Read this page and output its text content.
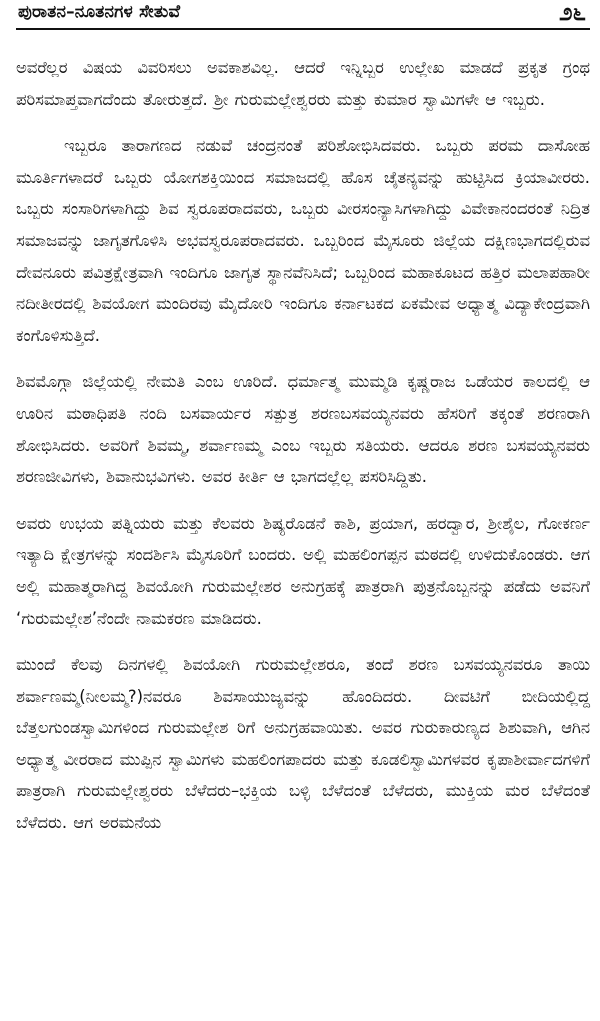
ಪುರಾತನ–ನೂತನಗಳ ಸೇತುವೆ	೨೬

ಅವರೆಲ್ಲರ ವಿಷಯ ವಿವರಿಸಲು ಅವಕಾಶವಿಲ್ಲ. ಆದರೆ ಇನ್ನಿಬ್ಬರ ಉಲ್ಲೇಖ ಮಾಡದೆ ಪ್ರಕೃತ ಗ್ರಂಥ ಪರಿಸಮಾಪ್ತವಾಗದೆಂದು ತೋರುತ್ತದೆ. ಶ್ರೀ ಗುರುಮಲ್ಲೇಶ್ವರರು ಮತ್ತು ಕುಮಾರ ಸ್ವಾಮಿಗಳೇ ಆ ಇಬ್ಬರು.

ಇಬ್ಬರೂ ತಾರಾಗಣದ ನಡುವೆ ಚಂದ್ರನಂತೆ ಪರಿಶೋಭಿಸಿದವರು. ಒಬ್ಬರು ಪರಮ ದಾಸೋಹ ಮೂರ್ತಿಗಳಾದರೆ ಒಬ್ಬರು ಯೋಗಶಕ್ತಿಯಿಂದ ಸಮಾಜದಲ್ಲಿ ಹೊಸ ಚೈತನ್ಯವನ್ನು ಹುಟ್ಟಿಸಿದ ಕ್ರಿಯಾವೀರರು. ಒಬ್ಬರು ಸಂಸಾರಿಗಳಾಗಿದ್ದು ಶಿವ ಸ್ವರೂಪರಾದವರು, ಒಬ್ಬರು ವೀರಸಂನ್ಯಾಸಿಗಳಾಗಿದ್ದು ವಿವೇಕಾನಂದರಂತೆ ನಿದ್ರಿತ ಸಮಾಜವನ್ನು ಜಾಗೃತಗೊಳಿಸಿ ಅಭವಸ್ವರೂಪರಾದವರು. ಒಬ್ಬರಿಂದ ಮೈಸೂರು ಜಿಲ್ಲೆಯ ದಕ್ಷಿಣಭಾಗದಲ್ಲಿರುವ ದೇವನೂರು ಪವಿತ್ರಕ್ಷೇತ್ರವಾಗಿ ಇಂದಿಗೂ ಜಾಗೃತ ಸ್ಥಾನವೆನಿಸಿದೆ; ಒಬ್ಬರಿಂದ ಮಹಾಕೂಟದ ಹತ್ತಿರ ಮಲಾಪಹಾರೀ ನದೀತೀರದಲ್ಲಿ ಶಿವಯೋಗ ಮಂದಿರವು ಮೈದೋರಿ ಇಂದಿಗೂ ಕರ್ನಾಟಕದ ಏಕಮೇವ ಅಧ್ಯಾತ್ಮ ವಿದ್ಯಾಕೇಂದ್ರವಾಗಿ ಕಂಗೊಳಿಸುತ್ತಿದೆ.

ಶಿವಮೊಗ್ಗಾ ಜಿಲ್ಲೆಯಲ್ಲಿ ನೇಮತಿ ಎಂಬ ಊರಿದೆ. ಧರ್ಮಾತ್ಮ ಮುಮ್ಮಡಿ ಕೃಷ್ಣರಾಜ ಒಡೆಯರ ಕಾಲದಲ್ಲಿ ಆ ಊರಿನ ಮಠಾಧಿಪತಿ ನಂದಿ ಬಸವಾರ್ಯರ ಸತ್ಪುತ್ರ ಶರಣಬಸವಯ್ಯನವರು ಹೆಸರಿಗೆ ತಕ್ಕಂತೆ ಶರಣರಾಗಿ ಶೋಭಿಸಿದರು. ಅವರಿಗೆ ಶಿವಮ್ಮ, ಶರ್ವಾಣಮ್ಮ ಎಂಬ ಇಬ್ಬರು ಸತಿಯರು. ಆದರೂ ಶರಣ ಬಸವಯ್ಯನವರು ಶರಣಜೀವಿಗಳು, ಶಿವಾನುಭವಿಗಳು. ಅವರ ಕೀರ್ತಿ ಆ ಭಾಗದಲ್ಲೆಲ್ಲ ಪಸರಿಸಿದ್ದಿತು.

ಅವರು ಉಭಯ ಪತ್ನಿಯರು ಮತ್ತು ಕೆಲವರು ಶಿಷ್ಯರೊಡನೆ ಕಾಶಿ, ಪ್ರಯಾಗ, ಹರದ್ವಾರ, ಶ್ರೀಶೈಲ, ಗೋಕರ್ಣ ಇತ್ಯಾದಿ ಕ್ಷೇತ್ರಗಳನ್ನು ಸಂದರ್ಶಿಸಿ ಮೈಸೂರಿಗೆ ಬಂದರು. ಅಲ್ಲಿ ಮಹಲಿಂಗಪ್ಪನ ಮಠದಲ್ಲಿ ಉಳಿದುಕೊಂಡರು. ಆಗ ಅಲ್ಲಿ ಮಹಾತ್ಮರಾಗಿದ್ದ ಶಿವಯೋಗಿ ಗುರುಮಲ್ಲೇಶರ ಅನುಗ್ರಹಕ್ಕೆ ಪಾತ್ರರಾಗಿ ಪುತ್ರನೊಬ್ಬನನ್ನು ಪಡೆದು ಅವನಿಗೆ ‘ಗುರುಮಲ್ಲೇಶ’ನೆಂದೇ ನಾಮಕರಣ ಮಾಡಿದರು.

ಮುಂದೆ ಕೆಲವು ದಿನಗಳಲ್ಲಿ ಶಿವಯೋಗಿ ಗುರುಮಲ್ಲೇಶರೂ, ತಂದೆ ಶರಣ ಬಸವಯ್ಯನವರೂ ತಾಯಿ ಶರ್ವಾಣಮ್ಮ(ನೀಲಮ್ಮ?)ನವರೂ ಶಿವಸಾಯುಜ್ಯವನ್ನು ಹೊಂದಿದರು. ದೀವಟಿಗೆ ಬೀದಿಯಲ್ಲಿದ್ದ ಬೆತ್ತಲಗುಂಡಸ್ವಾಮಿಗಳಿಂದ ಗುರುಮಲ್ಲೇಶ ರಿಗೆ ಅನುಗ್ರಹವಾಯಿತು. ಅವರ ಗುರುಕಾರುಣ್ಯದ ಶಿಶುವಾಗಿ, ಆಗಿನ ಅಧ್ಯಾತ್ಮ ವೀರರಾದ ಮುಪ್ಪಿನ ಸ್ವಾಮಿಗಳು ಮಹಲಿಂಗಪಾದರು ಮತ್ತು ಕೂಡಲಿಸ್ವಾಮಿಗಳವರ ಕೃಪಾಶೀರ್ವಾದಗಳಿಗೆ ಪಾತ್ರರಾಗಿ ಗುರುಮಲ್ಲೇಶ್ವರರು ಬೆಳೆದರು–ಭಕ್ತಿಯ ಬಳ್ಳಿ ಬೆಳೆದಂತೆ ಬೆಳೆದರು, ಮುಕ್ತಿಯ ಮರ ಬೆಳೆದಂತೆ ಬೆಳೆದರು. ಆಗ ಅರಮನೆಯ
